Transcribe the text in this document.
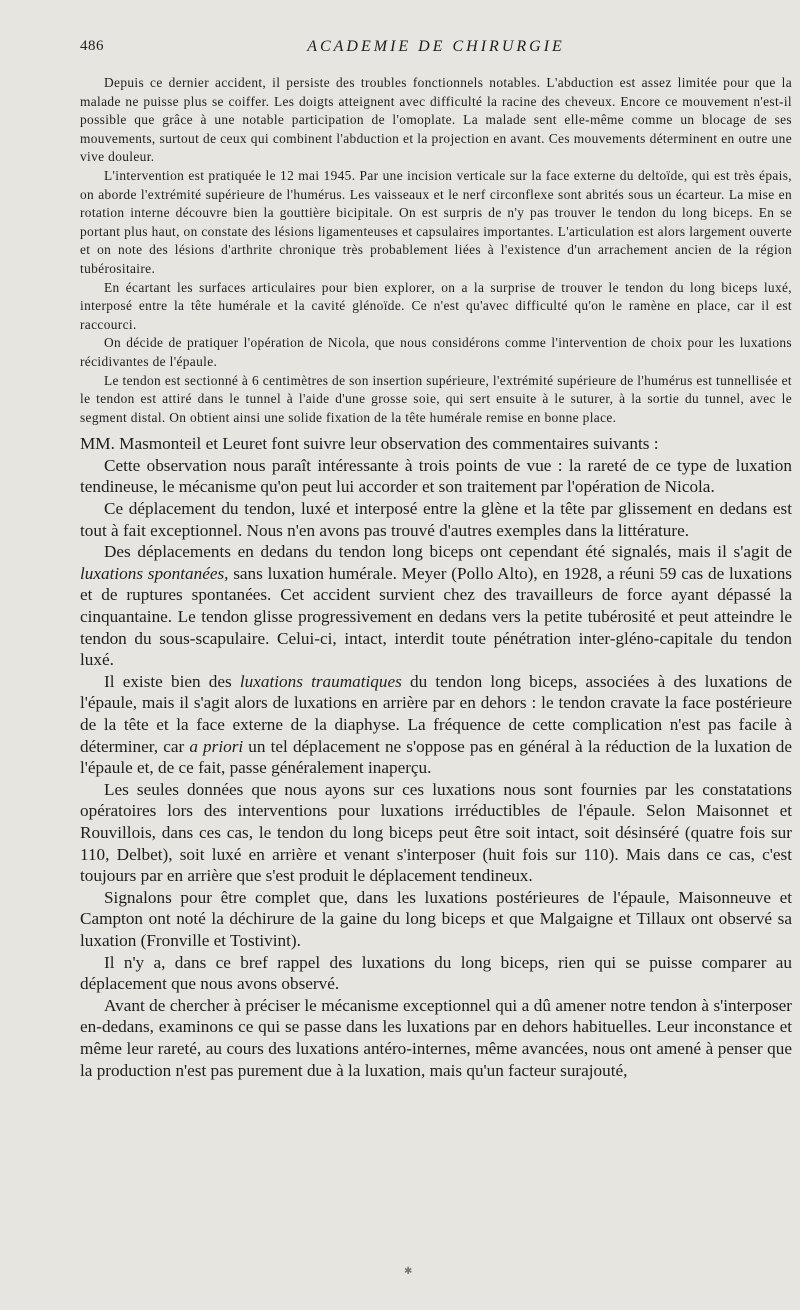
486	ACADEMIE DE CHIRURGIE

Depuis ce dernier accident, il persiste des troubles fonctionnels notables. L'abduction est assez limitée pour que la malade ne puisse plus se coiffer. Les doigts atteignent avec difficulté la racine des cheveux. Encore ce mouvement n'est-il possible que grâce à une notable participation de l'omoplate. La malade sent elle-même comme un blocage de ses mouvements, surtout de ceux qui combinent l'abduction et la projection en avant. Ces mouvements déterminent en outre une vive douleur.

L'intervention est pratiquée le 12 mai 1945. Par une incision verticale sur la face externe du deltoïde, qui est très épais, on aborde l'extrémité supérieure de l'humérus. Les vaisseaux et le nerf circonflexe sont abrités sous un écarteur. La mise en rotation interne découvre bien la gouttière bicipitale. On est surpris de n'y pas trouver le tendon du long biceps. En se portant plus haut, on constate des lésions ligamenteuses et capsulaires importantes. L'articulation est alors largement ouverte et on note des lésions d'arthrite chronique très probablement liées à l'existence d'un arrachement ancien de la région tubérositaire.

En écartant les surfaces articulaires pour bien explorer, on a la surprise de trouver le tendon du long biceps luxé, interposé entre la tête humérale et la cavité glénoïde. Ce n'est qu'avec difficulté qu'on le ramène en place, car il est raccourci.

On décide de pratiquer l'opération de Nicola, que nous considérons comme l'intervention de choix pour les luxations récidivantes de l'épaule.

Le tendon est sectionné à 6 centimètres de son insertion supérieure, l'extrémité supérieure de l'humérus est tunnellisée et le tendon est attiré dans le tunnel à l'aide d'une grosse soie, qui sert ensuite à le suturer, à la sortie du tunnel, avec le segment distal. On obtient ainsi une solide fixation de la tête humérale remise en bonne place.

MM. Masmonteil et Leuret font suivre leur observation des commentaires suivants :

Cette observation nous paraît intéressante à trois points de vue : la rareté de ce type de luxation tendineuse, le mécanisme qu'on peut lui accorder et son traitement par l'opération de Nicola.

Ce déplacement du tendon, luxé et interposé entre la glène et la tête par glissement en dedans est tout à fait exceptionnel. Nous n'en avons pas trouvé d'autres exemples dans la littérature.

Des déplacements en dedans du tendon long biceps ont cependant été signalés, mais il s'agit de luxations spontanées, sans luxation humérale. Meyer (Pollo Alto), en 1928, a réuni 59 cas de luxations et de ruptures spontanées. Cet accident survient chez des travailleurs de force ayant dépassé la cinquantaine. Le tendon glisse progressivement en dedans vers la petite tubérosité et peut atteindre le tendon du sous-scapulaire. Celui-ci, intact, interdit toute pénétration inter-gléno-capitale du tendon luxé.

Il existe bien des luxations traumatiques du tendon long biceps, associées à des luxations de l'épaule, mais il s'agit alors de luxations en arrière par en dehors : le tendon cravate la face postérieure de la tête et la face externe de la diaphyse. La fréquence de cette complication n'est pas facile à déterminer, car a priori un tel déplacement ne s'oppose pas en général à la réduction de la luxation de l'épaule et, de ce fait, passe généralement inaperçu.

Les seules données que nous ayons sur ces luxations nous sont fournies par les constatations opératoires lors des interventions pour luxations irréductibles de l'épaule. Selon Maisonnet et Rouvillois, dans ces cas, le tendon du long biceps peut être soit intact, soit désinséré (quatre fois sur 110, Delbet), soit luxé en arrière et venant s'interposer (huit fois sur 110). Mais dans ce cas, c'est toujours par en arrière que s'est produit le déplacement tendineux.

Signalons pour être complet que, dans les luxations postérieures de l'épaule, Maisonneuve et Campton ont noté la déchirure de la gaine du long biceps et que Malgaigne et Tillaux ont observé sa luxation (Fronville et Tostivint).

Il n'y a, dans ce bref rappel des luxations du long biceps, rien qui se puisse comparer au déplacement que nous avons observé.

Avant de chercher à préciser le mécanisme exceptionnel qui a dû amener notre tendon à s'interposer en-dedans, examinons ce qui se passe dans les luxations par en dehors habituelles. Leur inconstance et même leur rareté, au cours des luxations antéro-internes, même avancées, nous ont amené à penser que la production n'est pas purement due à la luxation, mais qu'un facteur surajouté,

✱
